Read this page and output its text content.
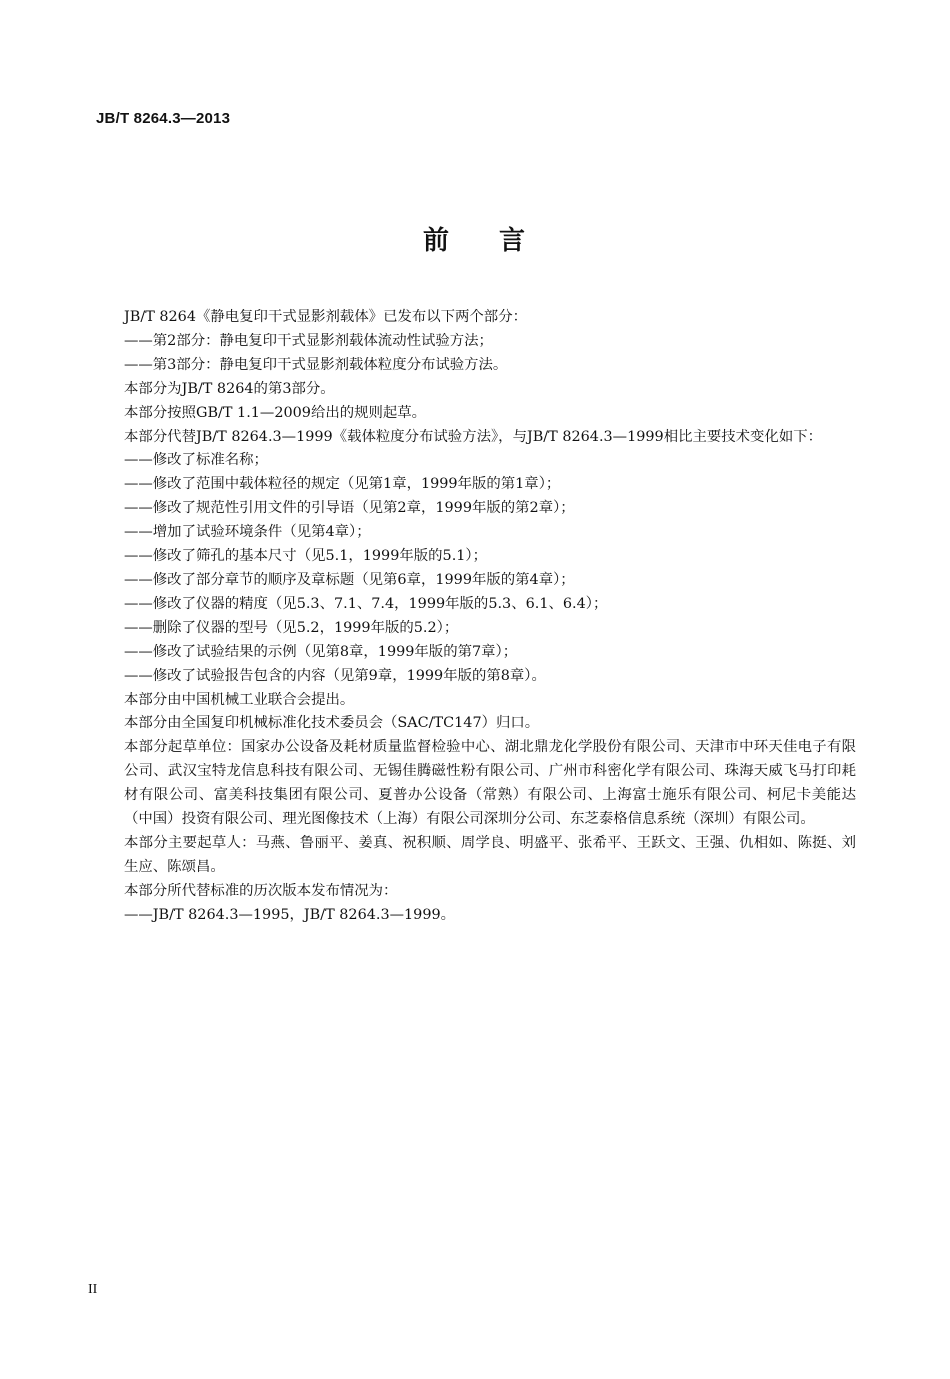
JB/T 8264.3—2013
前 言

JB/T 8264《静电复印干式显影剂载体》已发布以下两个部分：

——第2部分：静电复印干式显影剂载体流动性试验方法；

——第3部分：静电复印干式显影剂载体粒度分布试验方法。

本部分为JB/T 8264的第3部分。

本部分按照GB/T 1.1—2009给出的规则起草。

本部分代替JB/T 8264.3—1999《载体粒度分布试验方法》，与JB/T 8264.3—1999相比主要技术变化如下：

——修改了标准名称；

——修改了范围中载体粒径的规定（见第1章，1999年版的第1章）；

——修改了规范性引用文件的引导语（见第2章，1999年版的第2章）；

——增加了试验环境条件（见第4章）；

——修改了筛孔的基本尺寸（见5.1，1999年版的5.1）；

——修改了部分章节的顺序及章标题（见第6章，1999年版的第4章）；

——修改了仪器的精度（见5.3、7.1、7.4，1999年版的5.3、6.1、6.4）；

——删除了仪器的型号（见5.2，1999年版的5.2）；

——修改了试验结果的示例（见第8章，1999年版的第7章）；

——修改了试验报告包含的内容（见第9章，1999年版的第8章）。

本部分由中国机械工业联合会提出。

本部分由全国复印机械标准化技术委员会（SAC/TC147）归口。

本部分起草单位：国家办公设备及耗材质量监督检验中心、湖北鼎龙化学股份有限公司、天津市中环天佳电子有限公司、武汉宝特龙信息科技有限公司、无锡佳腾磁性粉有限公司、广州市科密化学有限公司、珠海天威飞马打印耗材有限公司、富美科技集团有限公司、夏普办公设备（常熟）有限公司、上海富士施乐有限公司、柯尼卡美能达（中国）投资有限公司、理光图像技术（上海）有限公司深圳分公司、东芝泰格信息系统（深圳）有限公司。

本部分主要起草人：马燕、鲁丽平、姜真、祝积顺、周学良、明盛平、张希平、王跃文、王强、仇相如、陈挺、刘生应、陈颂昌。

本部分所代替标准的历次版本发布情况为：

——JB/T 8264.3—1995，JB/T 8264.3—1999。

II
